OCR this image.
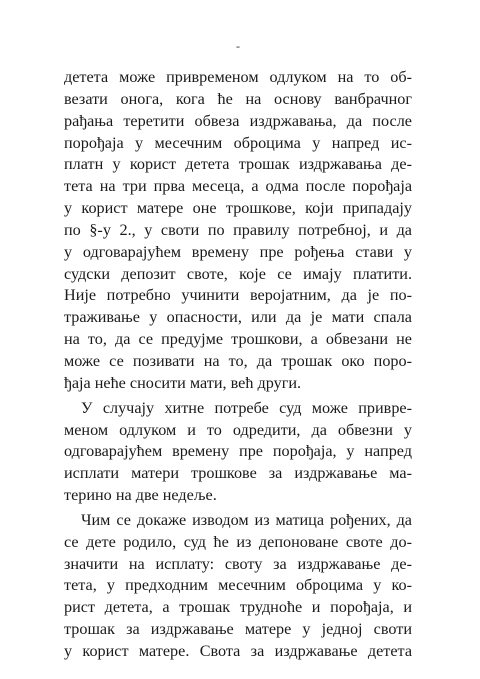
-
детета може привременом одлуком на то об-
везати онога, кога ће на основу ванбрачног
рађања теретити обвеза издржавања, да после
порођаја у месечним оброцима у напред ис-
платн у корист детета трошак издржавања де-
тета на три прва месеца, а одма после порођаја
у корист матере оне трошкове, који припадају
по §-у 2., у своти по правилу потребној, и да
у одговарајућем времену пре рођења стави у
судски депозит своте, које се имају платити.
Није потребно учинити вероjатним, да је по-
траживање у опасности, или да је мати спала
на то, да се предујме трошкови, а обвезани не
може се позивати на то, да трошак око поро-
ђаја неће сносити мати, већ други.
У случају хитне потребе суд може приврe-
меном одлуком и то одредити, да обвезни у
одговарајућем времену пре порођаја, у напред
исплати матери трошкове за издржавање ма-
терино на две недеље.
Чим се докаже изводом из матица рођених, да
се дете родило, суд ће из депоноване своте до-
значити на исплату: своту за издржавање де-
тета, у предходним месечним оброцима у ко-
рист детета, а трошак трудноће и порођаја, и
трошак за издржавање матере у једној своти
у корист матере. Свота за издржавање детета
